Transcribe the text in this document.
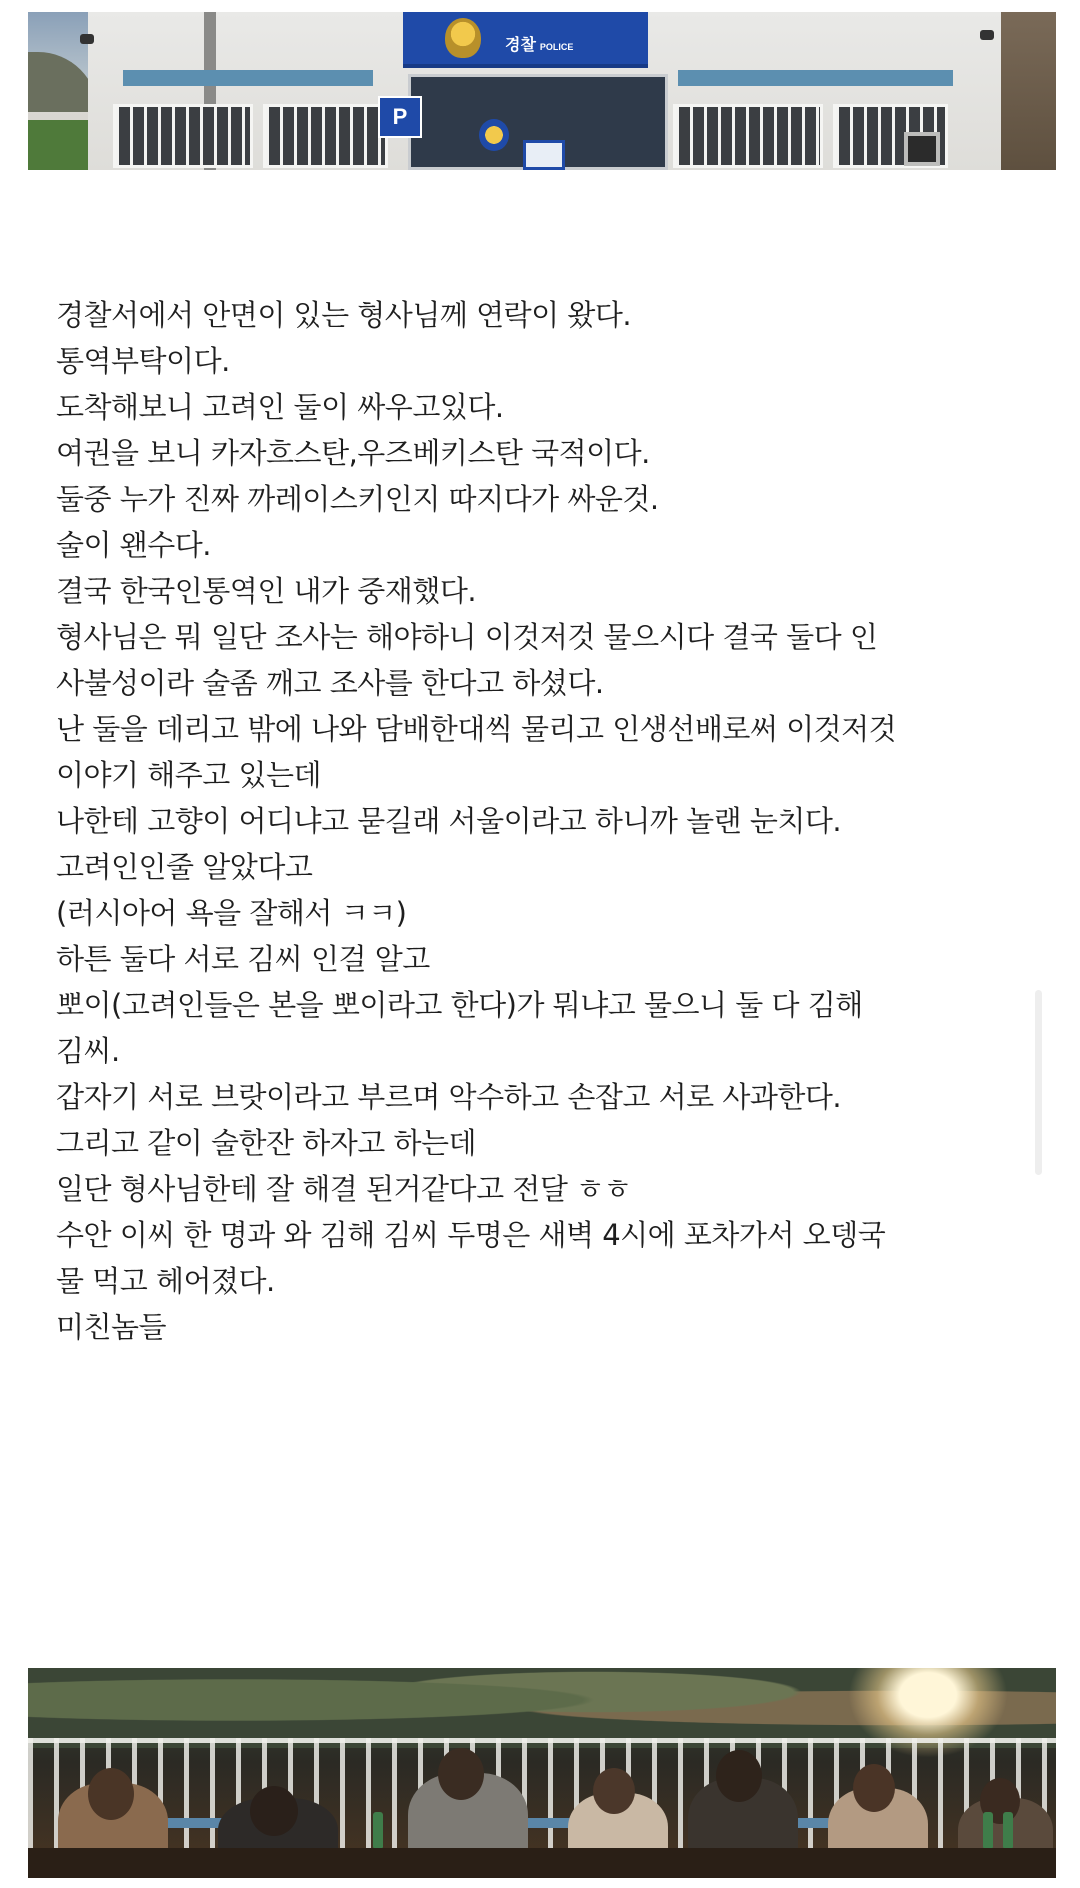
P
경찰 POLICE
경찰서에서 안면이 있는 형사님께 연락이 왔다.
통역부탁이다.
도착해보니 고려인 둘이 싸우고있다.
여권을 보니 카자흐스탄,우즈베키스탄 국적이다.
둘중 누가 진짜 까레이스키인지 따지다가 싸운것.
술이 왠수다.
결국 한국인통역인 내가 중재했다.
형사님은 뭐 일단 조사는 해야하니 이것저것 물으시다 결국 둘다 인
사불성이라 술좀 깨고 조사를 한다고 하셨다.
난 둘을 데리고 밖에 나와 담배한대씩 물리고 인생선배로써 이것저것
이야기 해주고 있는데
나한테 고향이 어디냐고 묻길래 서울이라고 하니까 놀랜 눈치다.
고려인인줄 알았다고
(러시아어 욕을 잘해서 ㅋㅋ)
하튼 둘다 서로 김씨 인걸 알고
뽀이(고려인들은 본을 뽀이라고 한다)가 뭐냐고 물으니 둘 다 김해
김씨.
갑자기 서로 브랏이라고 부르며 악수하고 손잡고 서로 사과한다.
그리고 같이 술한잔 하자고 하는데
일단 형사님한테 잘 해결 된거같다고 전달 ㅎㅎ
수안 이씨 한 명과 와 김해 김씨 두명은 새벽 4시에 포차가서 오뎅국
물 먹고 헤어졌다.
미친놈들
